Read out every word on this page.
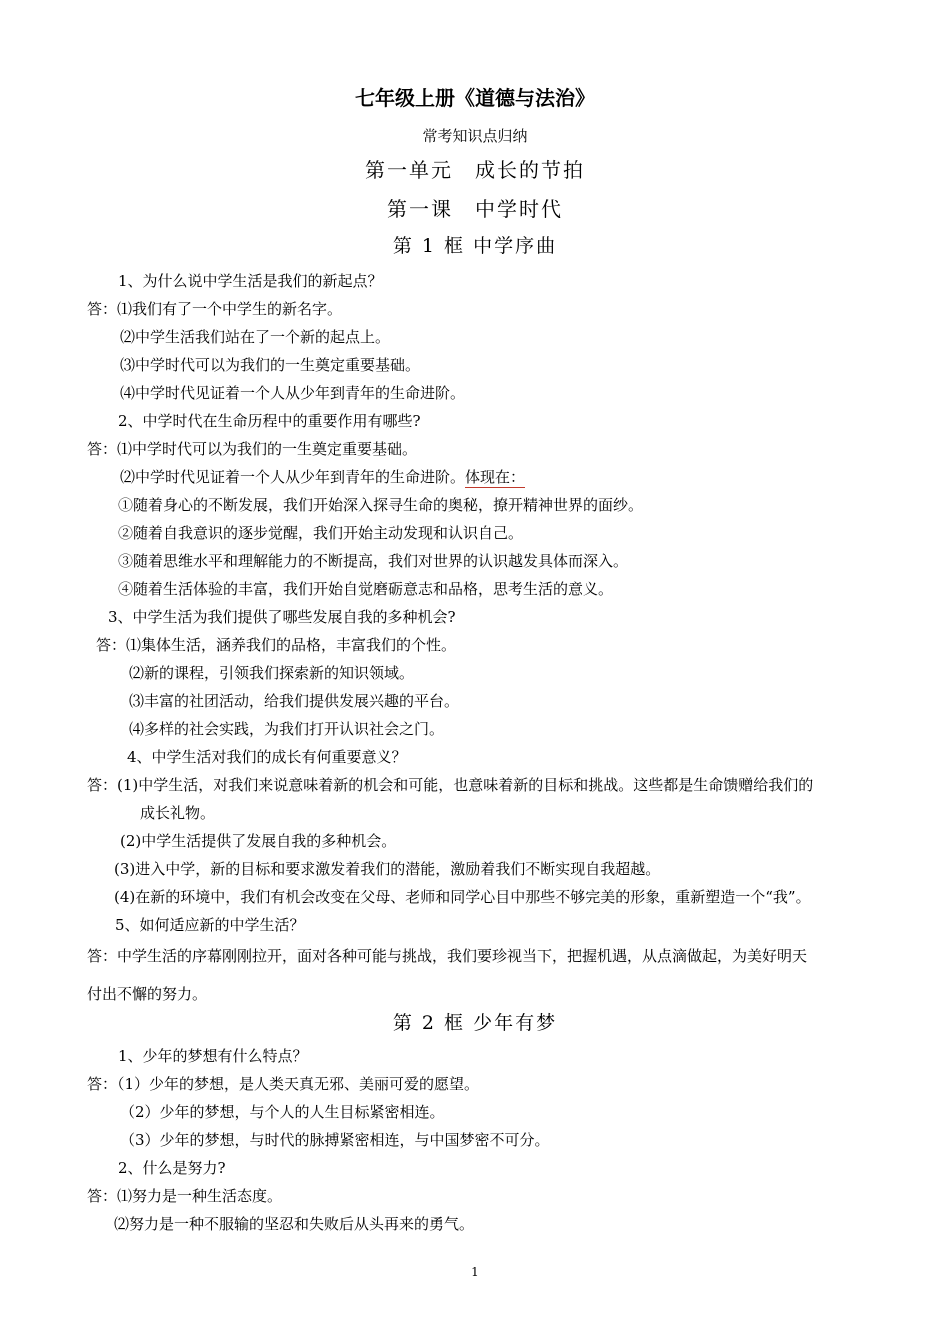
七年级上册《道德与法治》
常考知识点归纳
第一单元　成长的节拍
第一课　中学时代
第 1 框 中学序曲
1、为什么说中学生活是我们的新起点？
答：⑴我们有了一个中学生的新名字。
⑵中学生活我们站在了一个新的起点上。
⑶中学时代可以为我们的一生奠定重要基础。
⑷中学时代见证着一个人从少年到青年的生命进阶。
2、中学时代在生命历程中的重要作用有哪些?
答：⑴中学时代可以为我们的一生奠定重要基础。
⑵中学时代见证着一个人从少年到青年的生命进阶。体现在：
①随着身心的不断发展，我们开始深入探寻生命的奥秘，撩开精神世界的面纱。
②随着自我意识的逐步觉醒，我们开始主动发现和认识自己。
③随着思维水平和理解能力的不断提高，我们对世界的认识越发具体而深入。
④随着生活体验的丰富，我们开始自觉磨砺意志和品格，思考生活的意义。
3、中学生活为我们提供了哪些发展自我的多种机会?
答：⑴集体生活，涵养我们的品格，丰富我们的个性。
⑵新的课程，引领我们探索新的知识领域。
⑶丰富的社团活动，给我们提供发展兴趣的平台。
⑷多样的社会实践，为我们打开认识社会之门。
4、中学生活对我们的成长有何重要意义？
答：(1)中学生活，对我们来说意味着新的机会和可能，也意味着新的目标和挑战。这些都是生命馈赠给我们的
成长礼物。
(2)中学生活提供了发展自我的多种机会。
(3)进入中学，新的目标和要求激发着我们的潜能，激励着我们不断实现自我超越。
(4)在新的环境中，我们有机会改变在父母、老师和同学心目中那些不够完美的形象，重新塑造一个“我”。
5、如何适应新的中学生活？
答：中学生活的序幕刚刚拉开，面对各种可能与挑战，我们要珍视当下，把握机遇，从点滴做起，为美好明天
付出不懈的努力。
第 2 框 少年有梦
1、少年的梦想有什么特点？
答：（1）少年的梦想，是人类天真无邪、美丽可爱的愿望。
（2）少年的梦想，与个人的人生目标紧密相连。
（3）少年的梦想，与时代的脉搏紧密相连，与中国梦密不可分。
2、什么是努力?
答：⑴努力是一种生活态度。
⑵努力是一种不服输的坚忍和失败后从头再来的勇气。
1
